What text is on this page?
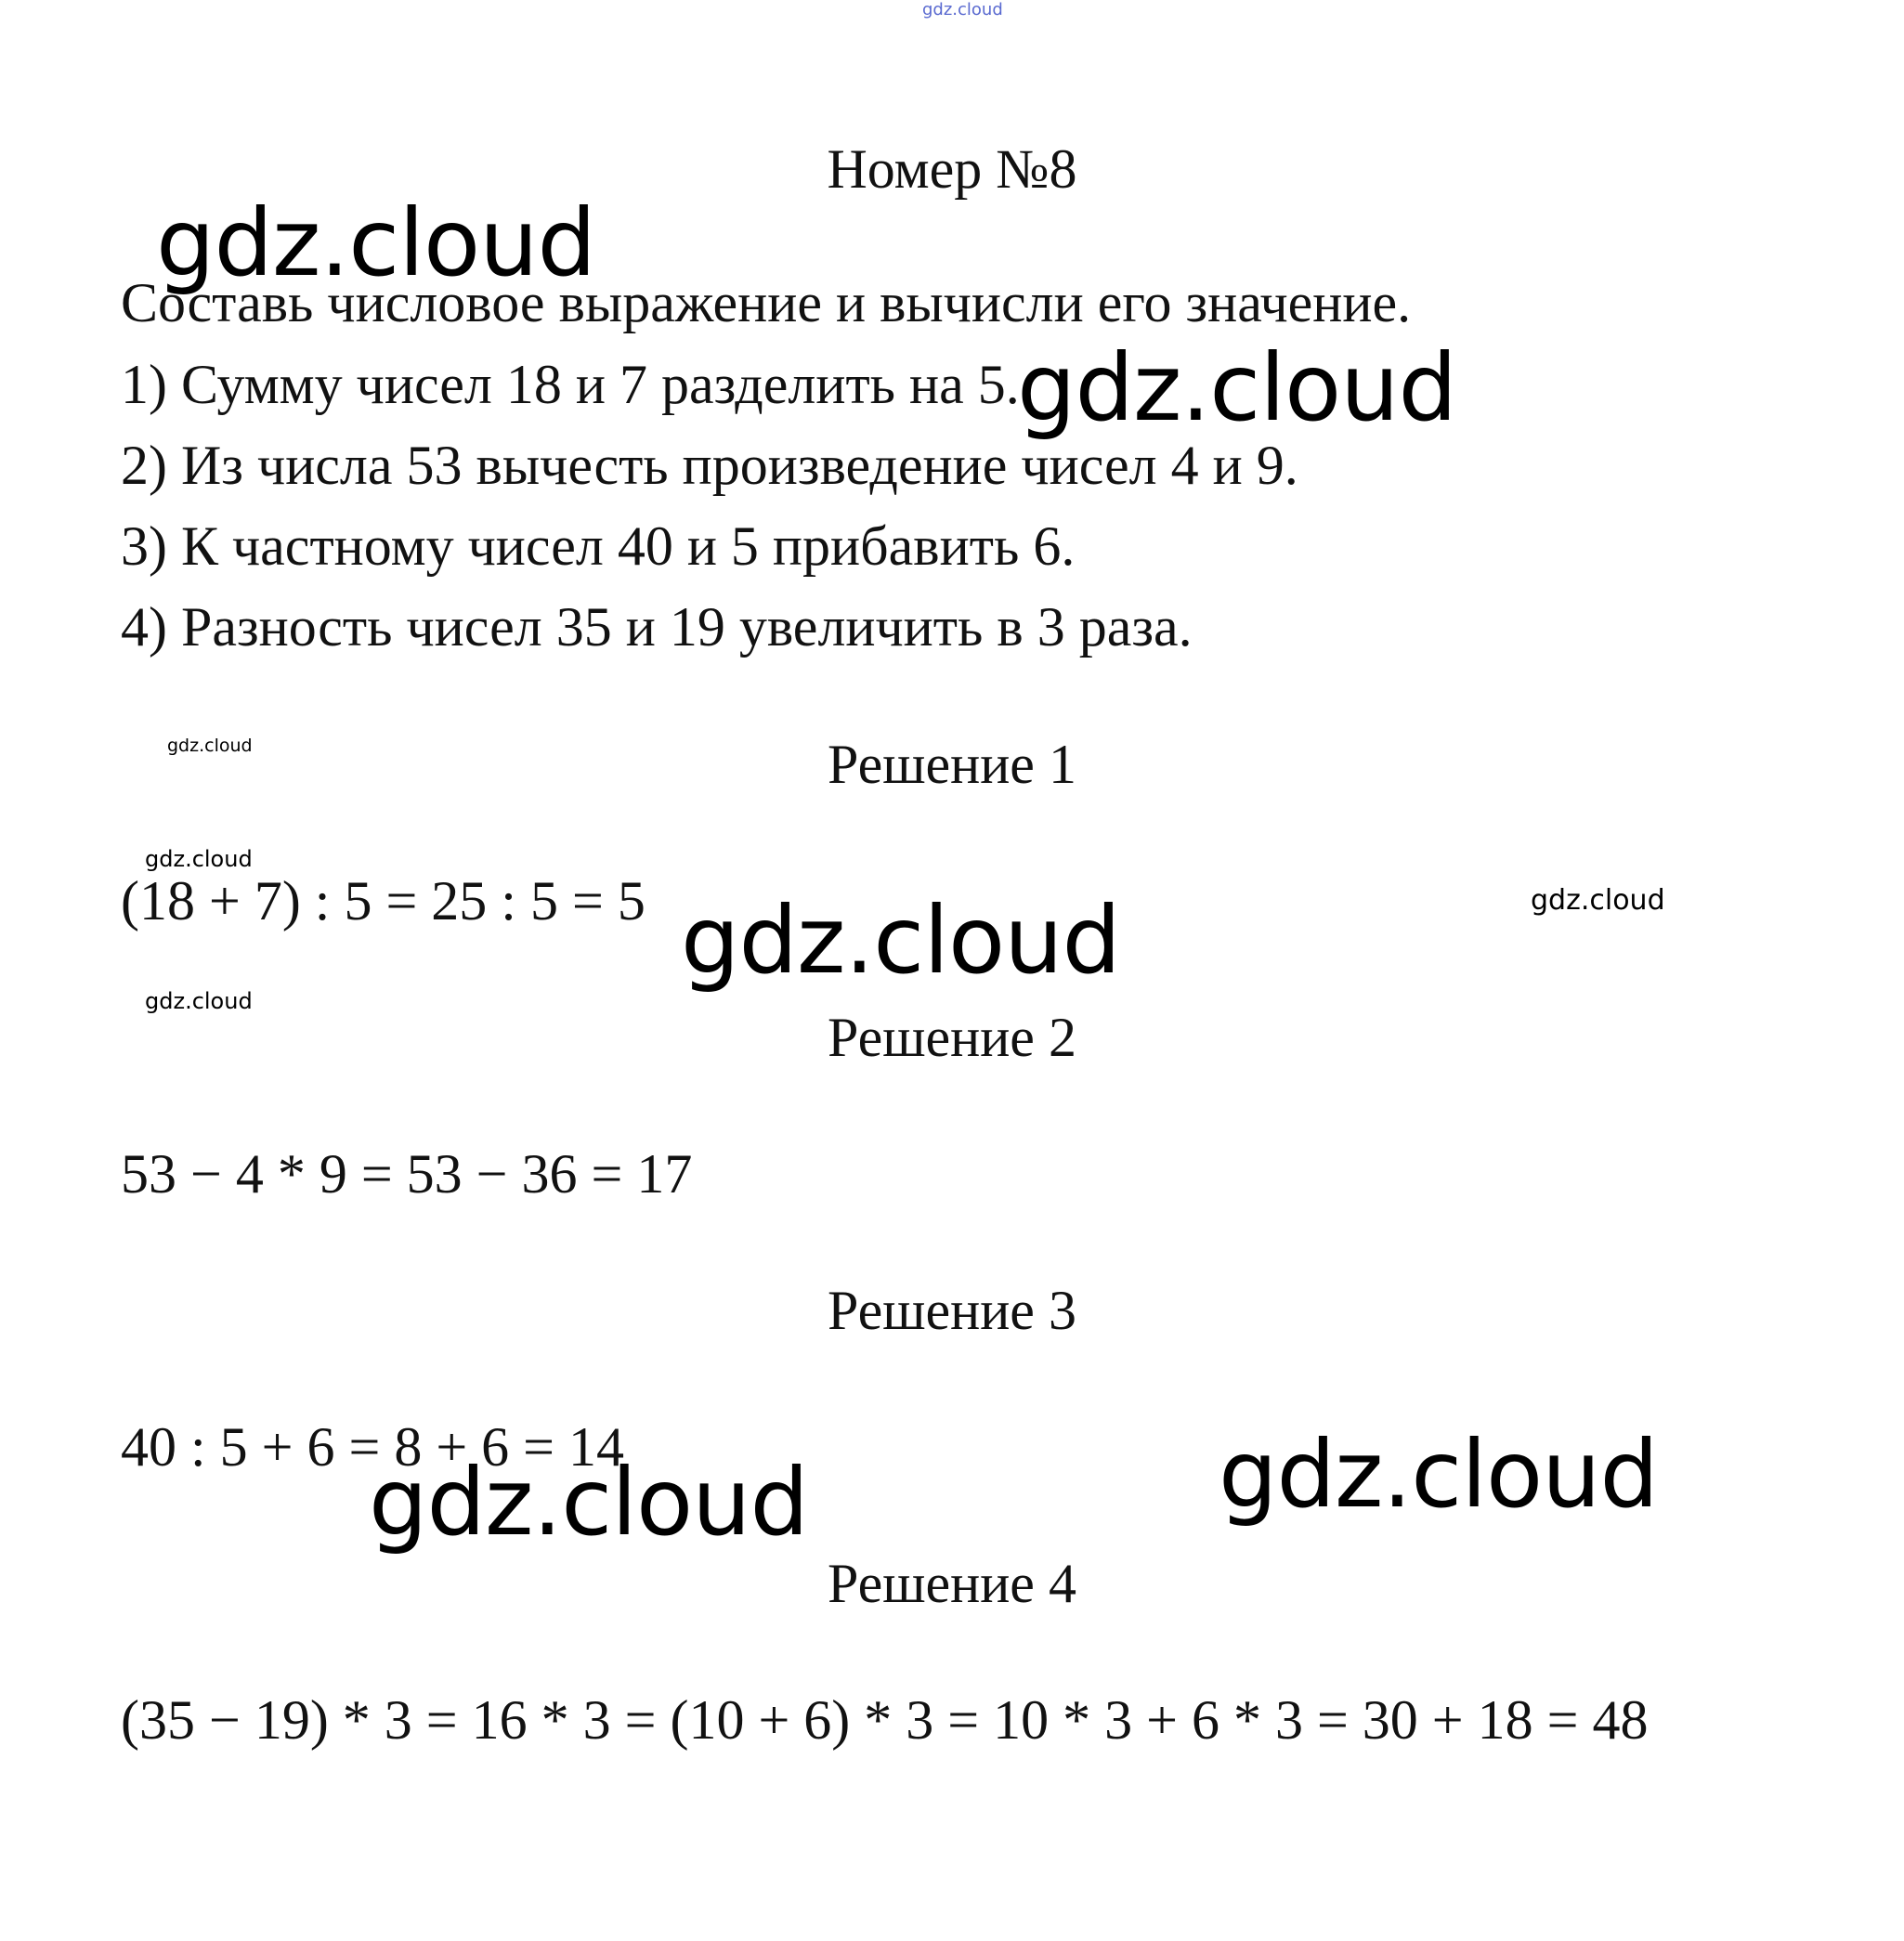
gdz.cloud
Номер №8
gdz.cloud
Составь числовое выражение и вычисли его значение.
1) Сумму чисел 18 и 7 разделить на 5.
gdz.cloud
2) Из числа 53 вычесть произведение чисел 4 и 9.
3) К частному чисел 40 и 5 прибавить 6.
4) Разность чисел 35 и 19 увеличить в 3 раза.
gdz.cloud	Решение 1
gdz.cloud
(18 + 7) : 5 = 25 : 5 = 5	gdz.cloud
gdz.cloud
gdz.cloud
Решение 2
53 − 4 * 9 = 53 − 36 = 17
Решение 3
40 : 5 + 6 = 8 + 6 = 14	gdz.cloud
gdz.cloud
Решение 4
(35 − 19) * 3 = 16 * 3 = (10 + 6) * 3 = 10 * 3 + 6 * 3 = 30 + 18 = 48
